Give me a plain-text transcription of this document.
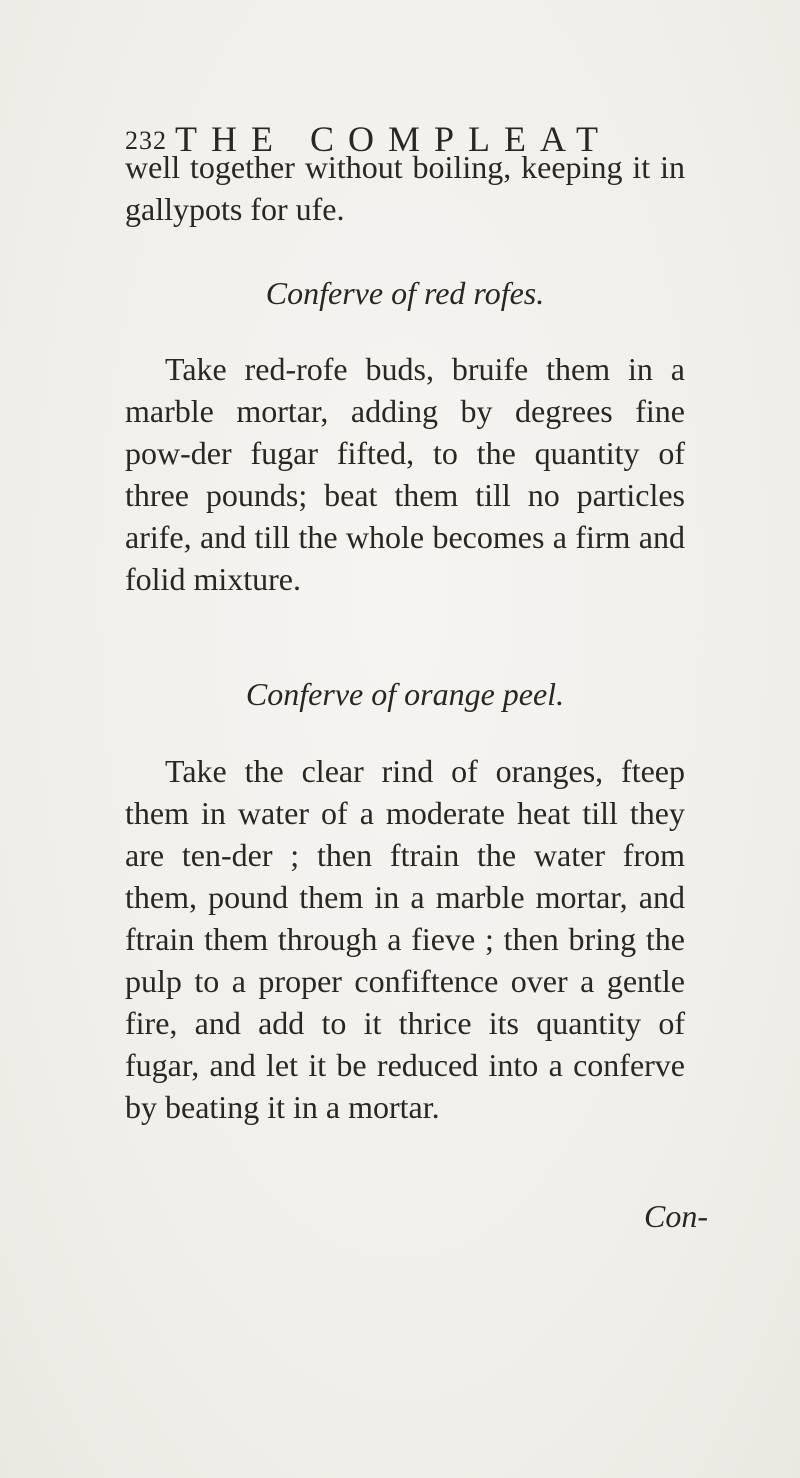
232 THE COMPLEAT

well together without boiling, keeping it in gallypots for ufe.

Conferve of red rofes.

Take red-rofe buds, bruife them in a marble mortar, adding by degrees fine pow-der fugar fifted, to the quantity of three pounds; beat them till no particles arife, and till the whole becomes a firm and folid mixture.

Conferve of orange peel.

Take the clear rind of oranges, fteep them in water of a moderate heat till they are ten-der ; then ftrain the water from them, pound them in a marble mortar, and ftrain them through a fieve ; then bring the pulp to a proper confiftence over a gentle fire, and add to it thrice its quantity of fugar, and let it be reduced into a conferve by beating it in a mortar.

Con-
